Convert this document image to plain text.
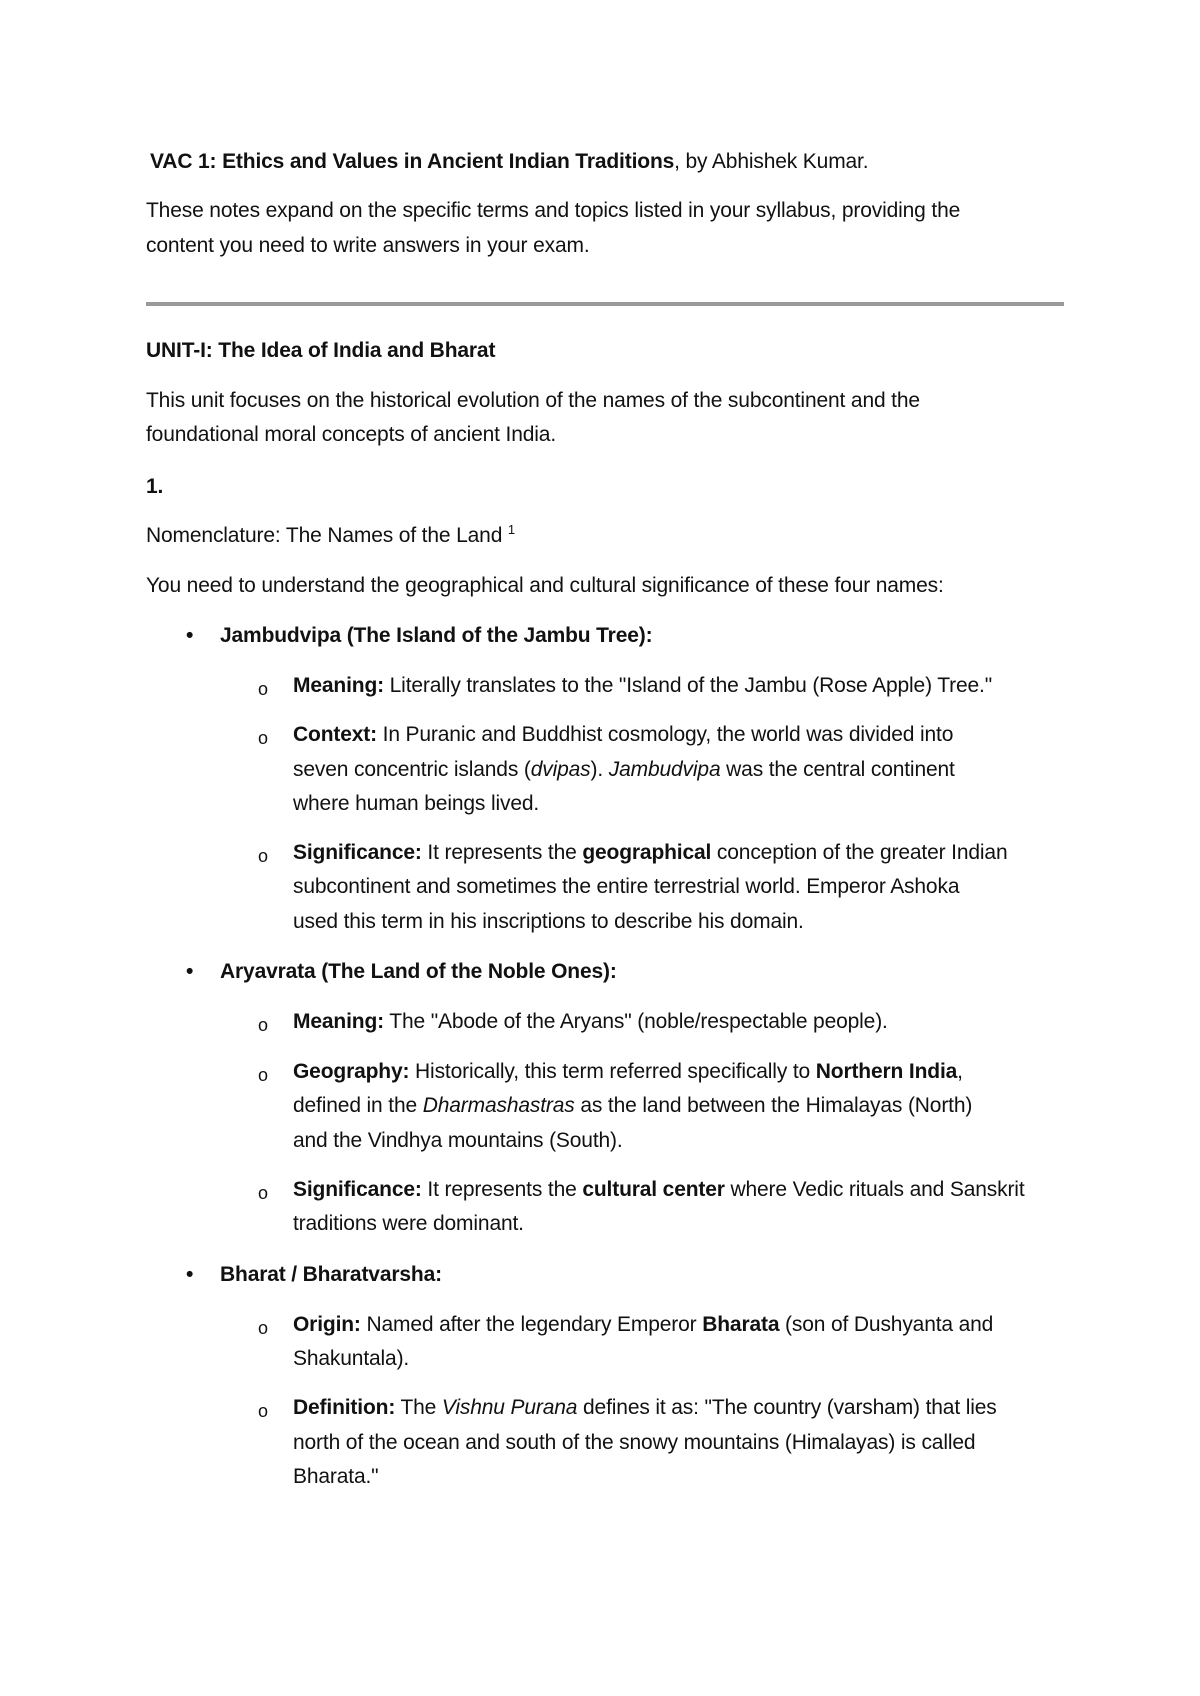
VAC 1: Ethics and Values in Ancient Indian Traditions, by Abhishek Kumar.
These notes expand on the specific terms and topics listed in your syllabus, providing the
content you need to write answers in your exam.
UNIT-I: The Idea of India and Bharat
This unit focuses on the historical evolution of the names of the subcontinent and the
foundational moral concepts of ancient India.
1.
Nomenclature: The Names of the Land $^1$
You need to understand the geographical and cultural significance of these four names:
• Jambudvipa (The Island of the Jambu Tree):
o Meaning: Literally translates to the "Island of the Jambu (Rose Apple) Tree."
o Context: In Puranic and Buddhist cosmology, the world was divided into
seven concentric islands (dvipas). Jambudvipa was the central continent
where human beings lived.
o Significance: It represents the geographical conception of the greater Indian
subcontinent and sometimes the entire terrestrial world. Emperor Ashoka
used this term in his inscriptions to describe his domain.
• Aryavrata (The Land of the Noble Ones):
o Meaning: The "Abode of the Aryans" (noble/respectable people).
o Geography: Historically, this term referred specifically to Northern India,
defined in the Dharmashastras as the land between the Himalayas (North)
and the Vindhya mountains (South).
o Significance: It represents the cultural center where Vedic rituals and Sanskrit
traditions were dominant.
• Bharat / Bharatvarsha:
o Origin: Named after the legendary Emperor Bharata (son of Dushyanta and
Shakuntala).
o Definition: The Vishnu Purana defines it as: "The country (varsham) that lies
north of the ocean and south of the snowy mountains (Himalayas) is called
Bharata."
